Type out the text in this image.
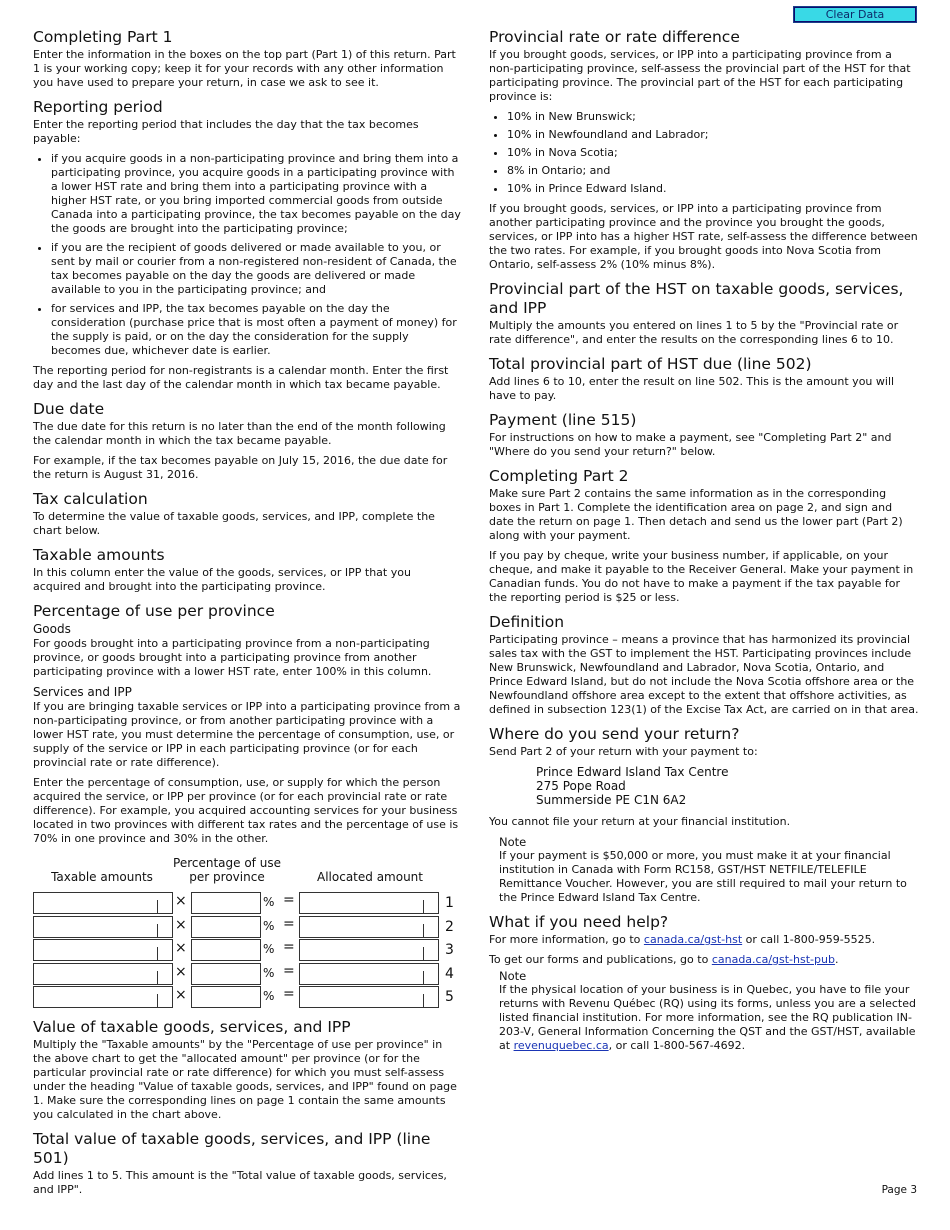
Clear Data
Completing Part 1

Enter the information in the boxes on the top part (Part 1) of this return. Part 1 is your working copy; keep it for your records with any other information you have used to prepare your return, in case we ask to see it.

Reporting period

Enter the reporting period that includes the day that the tax becomes payable:

• if you acquire goods in a non-participating province and bring them into a participating province, you acquire goods in a participating province with a lower HST rate and bring them into a participating province with a higher HST rate, or you bring imported commercial goods from outside Canada into a participating province, the tax becomes payable on the day the goods are brought into the participating province;
• if you are the recipient of goods delivered or made available to you, or sent by mail or courier from a non-registered non-resident of Canada, the tax becomes payable on the day the goods are delivered or made available to you in the participating province; and
• for services and IPP, the tax becomes payable on the day the consideration (purchase price that is most often a payment of money) for the supply is paid, or on the day the consideration for the supply becomes due, whichever date is earlier.

The reporting period for non-registrants is a calendar month. Enter the first day and the last day of the calendar month in which tax became payable.

Due date

The due date for this return is no later than the end of the month following the calendar month in which the tax became payable.

For example, if the tax becomes payable on July 15, 2016, the due date for the return is August 31, 2016.

Tax calculation

To determine the value of taxable goods, services, and IPP, complete the chart below.

Taxable amounts

In this column enter the value of the goods, services, or IPP that you acquired and brought into the participating province.

Percentage of use per province
Goods

For goods brought into a participating province from a non-participating province, or goods brought into a participating province from another participating province with a lower HST rate, enter 100% in this column.

Services and IPP

If you are bringing taxable services or IPP into a participating province from a non-participating province, or from another participating province with a lower HST rate, you must determine the percentage of consumption, use, or supply of the service or IPP in each participating province (or for each provincial rate or rate difference).

Enter the percentage of consumption, use, or supply for which the person acquired the service, or IPP per province (or for each provincial rate or rate difference). For example, you acquired accounting services for your business located in two provinces with different tax rates and the percentage of use is 70% in one province and 30% in the other.

Taxable amounts
Percentage of use per province	Allocated amount
×	% =	1
×	% =	2
×	% =	3
×	% =	4
×	% =	5
Value of taxable goods, services, and IPP

Multiply the "Taxable amounts" by the "Percentage of use per province" in the above chart to get the "allocated amount" per province (or for the particular provincial rate or rate difference) for which you must self-assess under the heading "Value of taxable goods, services, and IPP" found on page 1. Make sure the corresponding lines on page 1 contain the same amounts you calculated in the chart above.

Total value of taxable goods, services, and IPP (line 501)

Add lines 1 to 5. This amount is the "Total value of taxable goods, services, and IPP".

Provincial rate or rate difference

If you brought goods, services, or IPP into a participating province from a non-participating province, self-assess the provincial part of the HST for that participating province. The provincial part of the HST for each participating province is:

• 10% in New Brunswick;
• 10% in Newfoundland and Labrador;
• 10% in Nova Scotia;
• 8% in Ontario; and
• 10% in Prince Edward Island.

If you brought goods, services, or IPP into a participating province from another participating province and the province you brought the goods, services, or IPP into has a higher HST rate, self-assess the difference between the two rates. For example, if you brought goods into Nova Scotia from Ontario, self-assess 2% (10% minus 8%).

Provincial part of the HST on taxable goods, services, and IPP

Multiply the amounts you entered on lines 1 to 5 by the "Provincial rate or rate difference", and enter the results on the corresponding lines 6 to 10.

Total provincial part of HST due (line 502)

Add lines 6 to 10, enter the result on line 502. This is the amount you will have to pay.

Payment (line 515)

For instructions on how to make a payment, see "Completing Part 2" and "Where do you send your return?" below.

Completing Part 2

Make sure Part 2 contains the same information as in the corresponding boxes in Part 1. Complete the identification area on page 2, and sign and date the return on page 1. Then detach and send us the lower part (Part 2) along with your payment.

If you pay by cheque, write your business number, if applicable, on your cheque, and make it payable to the Receiver General. Make your payment in Canadian funds. You do not have to make a payment if the tax payable for the reporting period is $25 or less.

Definition

Participating province – means a province that has harmonized its provincial sales tax with the GST to implement the HST. Participating provinces include New Brunswick, Newfoundland and Labrador, Nova Scotia, Ontario, and Prince Edward Island, but do not include the Nova Scotia offshore area or the Newfoundland offshore area except to the extent that offshore activities, as defined in subsection 123(1) of the Excise Tax Act, are carried on in that area.

Where do you send your return?

Send Part 2 of your return with your payment to:

Prince Edward Island Tax Centre
275 Pope Road
Summerside PE C1N 6A2

You cannot file your return at your financial institution.

Note

If your payment is $50,000 or more, you must make it at your financial institution in Canada with Form RC158, GST/HST NETFILE/TELEFILE Remittance Voucher. However, you are still required to mail your return to the Prince Edward Island Tax Centre.

What if you need help?

For more information, go to canada.ca/gst-hst or call 1-800-959-5525.

To get our forms and publications, go to canada.ca/gst-hst-pub.

Note

If the physical location of your business is in Quebec, you have to file your returns with Revenu Québec (RQ) using its forms, unless you are a selected listed financial institution. For more information, see the RQ publication IN-203-V, General Information Concerning the QST and the GST/HST, available at revenuquebec.ca, or call 1-800-567-4692.

Page 3
